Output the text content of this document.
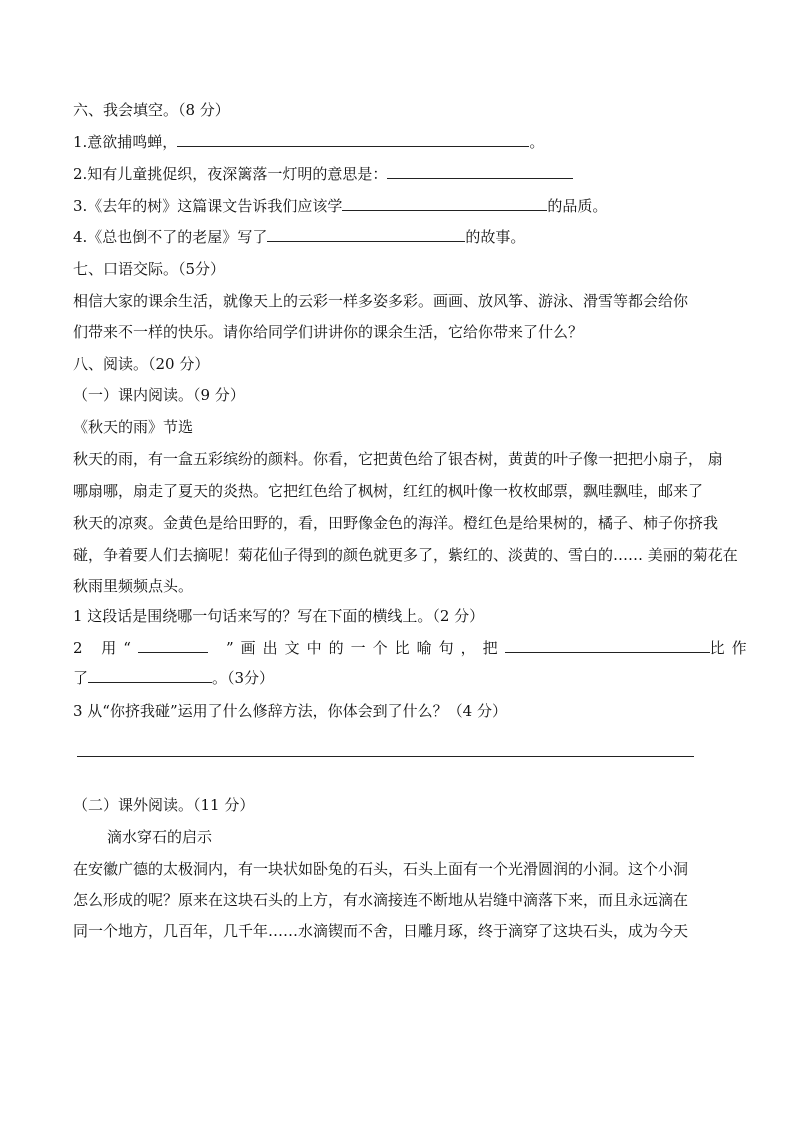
六、我会填空。（8 分）
1.意欲捕鸣蝉，	。
2.知有儿童挑促织，夜深篱落一灯明的意思是：
3.《去年的树》这篇课文告诉我们应该学	的品质。
4.《总也倒不了的老屋》写了	的故事。
七、口语交际。（5分）
相信大家的课余生活，就像天上的云彩一样多姿多彩。画画、放风筝、游泳、滑雪等都会给你
们带来不一样的快乐。请你给同学们讲讲你的课余生活，它给你带来了什么？
八、阅读。（20 分）
（一）课内阅读。（9 分）
《秋天的雨》节选
秋天的雨，有一盒五彩缤纷的颜料。你看，它把黄色给了银杏树，黄黄的叶子像一把把小扇子， 扇
哪扇哪，扇走了夏天的炎热。它把红色给了枫树，红红的枫叶像一枚枚邮票，飘哇飘哇，邮来了
秋天的凉爽。金黄色是给田野的，看，田野像金色的海洋。橙红色是给果树的，橘子、柿子你挤我
碰，争着要人们去摘呢！菊花仙子得到的颜色就更多了，紫红的、淡黄的、雪白的…… 美丽的菊花在
秋雨里频频点头。
1 这段话是围绕哪一句话来写的？写在下面的横线上。（2 分）
2 用“	”画出文中的一个比喻句，把	比作
了	。（3分）
3 从“你挤我碰”运用了什么修辞方法，你体会到了什么？（4 分）
（二）课外阅读。（11 分）
滴水穿石的启示
在安徽广德的太极洞内，有一块状如卧兔的石头，石头上面有一个光滑圆润的小洞。这个小洞
怎么形成的呢？原来在这块石头的上方，有水滴接连不断地从岩缝中滴落下来，而且永远滴在
同一个地方，几百年，几千年……水滴锲而不舍，日雕月琢，终于滴穿了这块石头，成为今天
